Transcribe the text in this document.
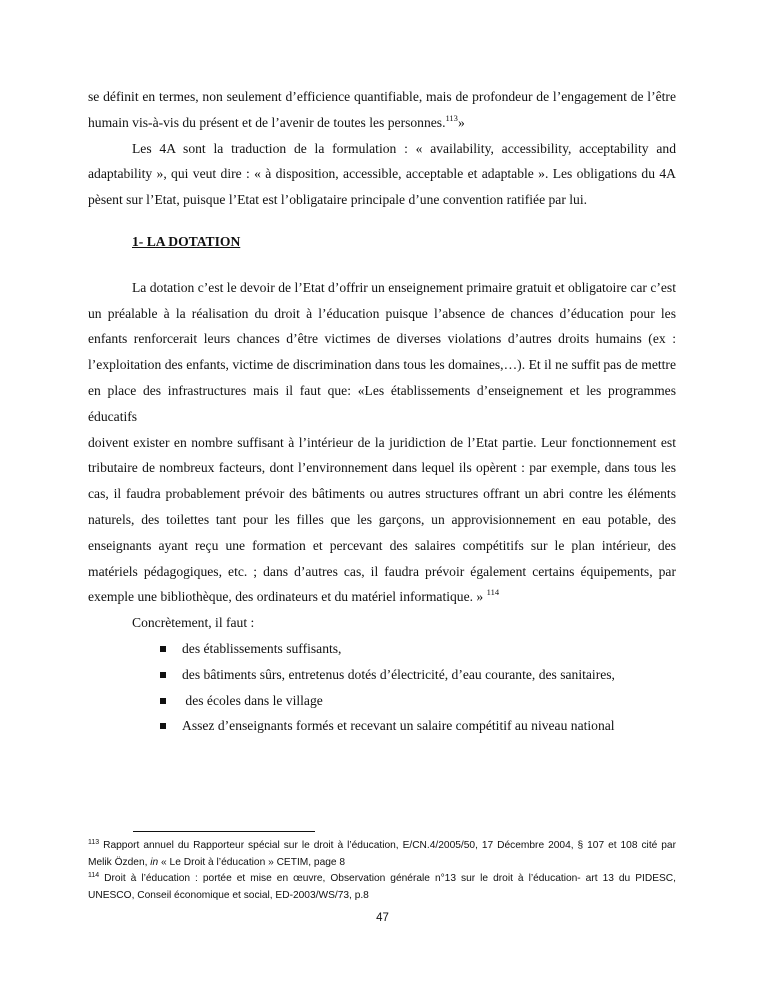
se définit en termes, non seulement d’efficience quantifiable, mais de profondeur de l’engagement de l’être humain vis-à-vis du présent et de l’avenir de toutes les personnes.$^{113}$»

Les 4A sont la traduction de la formulation : « availability, accessibility, acceptability and adaptability », qui veut dire : « à disposition, accessible, acceptable et adaptable ». Les obligations du 4A pèsent sur l’Etat, puisque l’Etat est l’obligataire principale d’une convention ratifiée par lui.

1- LA DOTATION

La dotation c’est le devoir de l’Etat d’offrir un enseignement primaire gratuit et obligatoire car c’est un préalable à la réalisation du droit à l’éducation puisque l’absence de chances d’éducation pour les enfants renforcerait leurs chances d’être victimes de diverses violations d’autres droits humains (ex : l’exploitation des enfants, victime de discrimination dans tous les domaines,…). Et il ne suffit pas de mettre en place des infrastructures mais il faut que: «Les établissements d’enseignement et les programmes éducatifs

doivent exister en nombre suffisant à l’intérieur de la juridiction de l’Etat partie. Leur fonctionnement est tributaire de nombreux facteurs, dont l’environnement dans lequel ils opèrent : par exemple, dans tous les cas, il faudra probablement prévoir des bâtiments ou autres structures offrant un abri contre les éléments naturels, des toilettes tant pour les filles que les garçons, un approvisionnement en eau potable, des enseignants ayant reçu une formation et percevant des salaires compétitifs sur le plan intérieur, des matériels pédagogiques, etc. ; dans d’autres cas, il faudra prévoir également certains équipements, par exemple une bibliothèque, des ordinateurs et du matériel informatique. » $^{114}$

Concrètement, il faut :

des établissements suffisants,
des bâtiments sûrs, entretenus dotés d’électricité, d’eau courante, des sanitaires,
des écoles dans le village
Assez d’enseignants formés et recevant un salaire compétitif au niveau national

$^{113}$ Rapport annuel du Rapporteur spécial sur le droit à l’éducation, E/CN.4/2005/50, 17 Décembre 2004, § 107 et 108 cité par Melik Özden, in « Le Droit à l’éducation » CETIM, page 8

$^{114}$ Droit à l’éducation : portée et mise en œuvre, Observation générale n°13 sur le droit à l’éducation- art 13 du PIDESC, UNESCO, Conseil économique et social, ED-2003/WS/73, p.8

47
